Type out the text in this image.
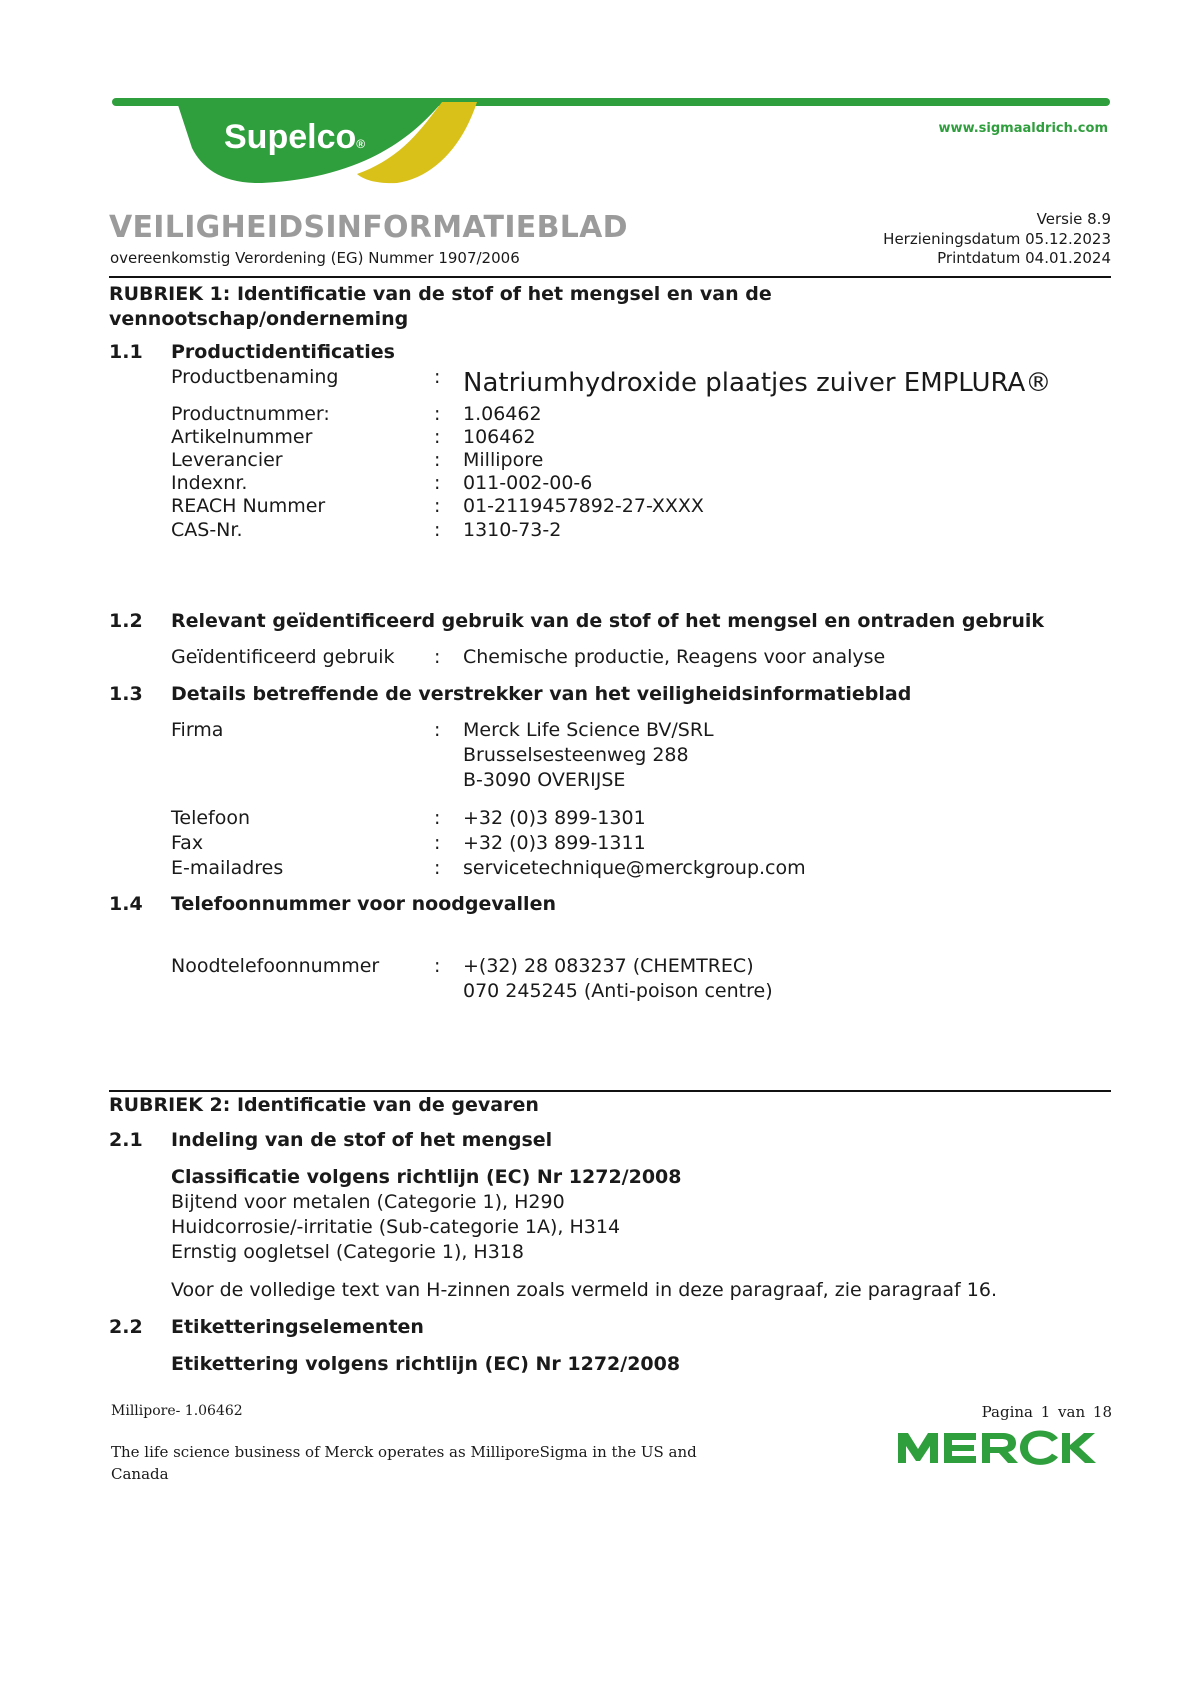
Supelco®
www.sigmaaldrich.com
VEILIGHEIDSINFORMATIEBLAD
overeenkomstig Verordening (EG) Nummer 1907/2006
Versie 8.9
Herzieningsdatum 05.12.2023
Printdatum 04.01.2024
RUBRIEK 1: Identificatie van de stof of het mengsel en van de
vennootschap/onderneming
1.1 Productidentificaties
Productbenaming	: Natriumhydroxide plaatjes zuiver EMPLURA®
Productnummer:	: 1.06462
Artikelnummer	: 106462
Leverancier	: Millipore
Indexnr.	: 011-002-00-6
REACH Nummer	: 01-2119457892-27-XXXX
CAS-Nr.	: 1310-73-2
1.2 Relevant geïdentificeerd gebruik van de stof of het mengsel en ontraden gebruik
Geïdentificeerd gebruik : Chemische productie, Reagens voor analyse
1.3 Details betreffende de verstrekker van het veiligheidsinformatieblad
Firma	: Merck Life Science BV/SRL
Brusselsesteenweg 288
B-3090 OVERIJSE
Telefoon	: +32 (0)3 899-1301
Fax	: +32 (0)3 899-1311
E-mailadres	: servicetechnique@merckgroup.com
1.4 Telefoonnummer voor noodgevallen
Noodtelefoonnummer	: +(32) 28 083237 (CHEMTREC)
070 245245 (Anti-poison centre)
RUBRIEK 2: Identificatie van de gevaren
2.1 Indeling van de stof of het mengsel
Classificatie volgens richtlijn (EC) Nr 1272/2008
Bijtend voor metalen (Categorie 1), H290
Huidcorrosie/-irritatie (Sub-categorie 1A), H314
Ernstig oogletsel (Categorie 1), H318
Voor de volledige text van H-zinnen zoals vermeld in deze paragraaf, zie paragraaf 16.
2.2 Etiketteringselementen
Etikettering volgens richtlijn (EC) Nr 1272/2008
Millipore- 1.06462	Pagina 1 van 18
The life science business of Merck operates as MilliporeSigma in the US and
Canada
